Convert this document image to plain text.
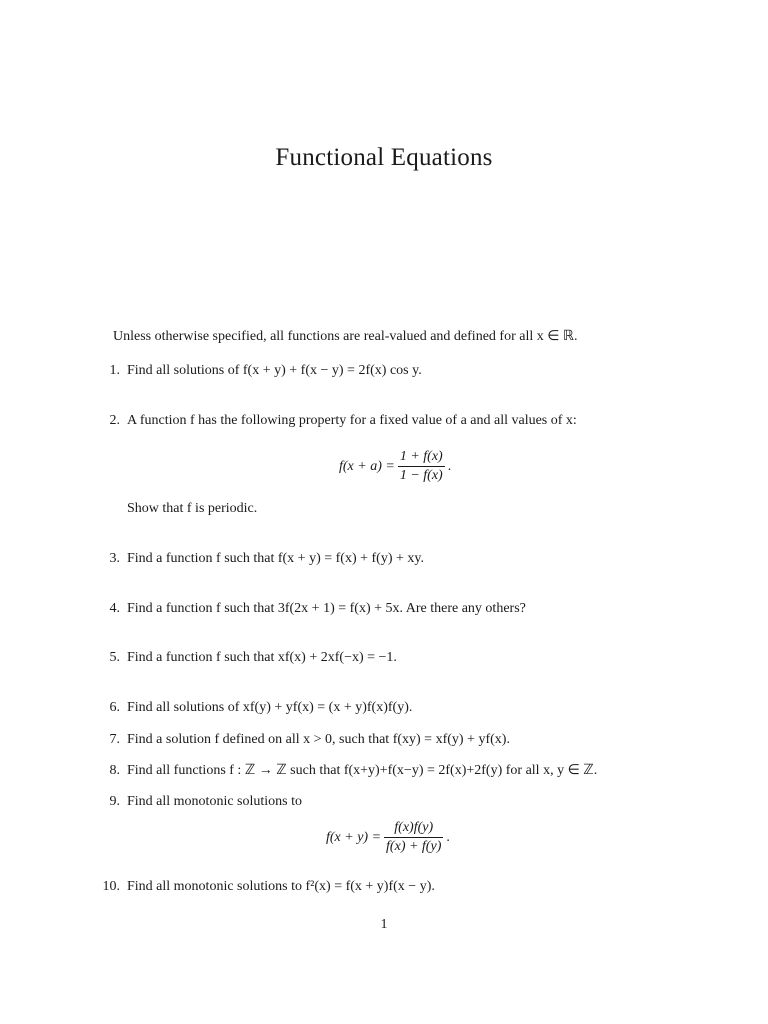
Functional Equations
Unless otherwise specified, all functions are real-valued and defined for all x ∈ ℝ.
1. Find all solutions of f(x + y) + f(x − y) = 2f(x) cos y.
2. A function f has the following property for a fixed value of a and all values of x:
$f(x + a) = \frac{1 + f(x)}{1 - f(x)}$ .
Show that f is periodic.
3. Find a function f such that f(x + y) = f(x) + f(y) + xy.
4. Find a function f such that 3f(2x + 1) = f(x) + 5x. Are there any others?
5. Find a function f such that xf(x) + 2xf(−x) = −1.
6. Find all solutions of xf(y) + yf(x) = (x + y)f(x)f(y).
7. Find a solution f defined on all x > 0, such that f(xy) = xf(y) + yf(x).
8. Find all functions f : ℤ → ℤ such that f(x+y)+f(x−y) = 2f(x)+2f(y) for all x, y ∈ ℤ.
9. Find all monotonic solutions to
$f(x + y) = \frac{f(x)f(y)}{f(x) + f(y)}$ .
10. Find all monotonic solutions to f²(x) = f(x + y)f(x − y).
1
